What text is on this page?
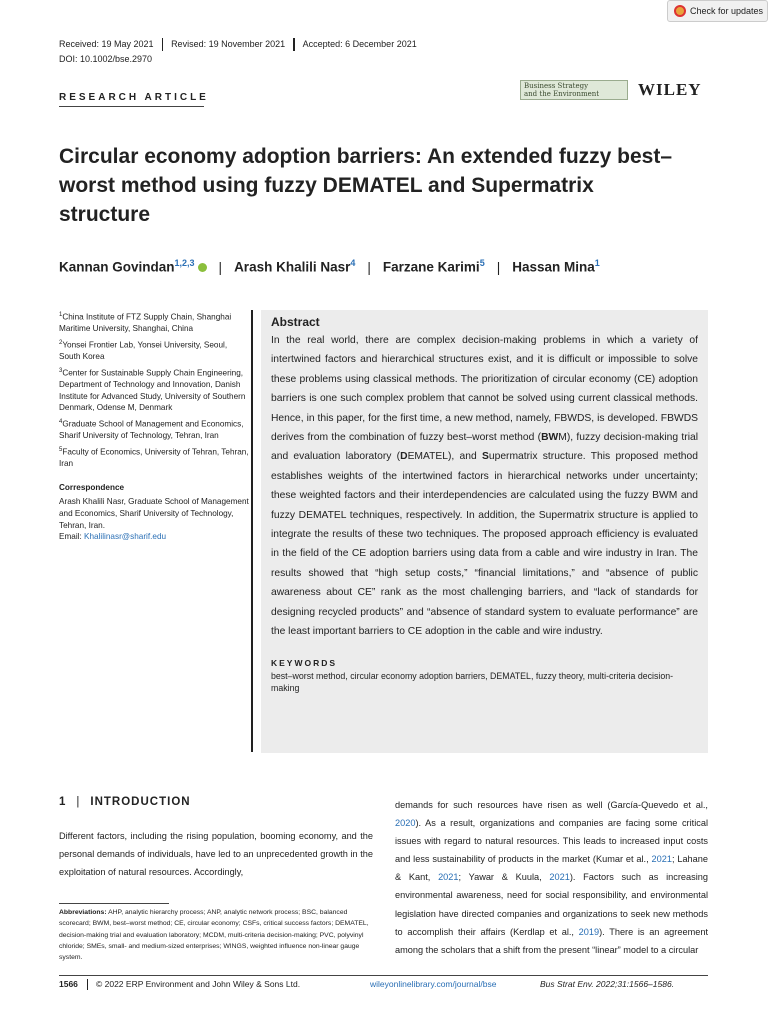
Check for updates
Received: 19 May 2021 Revised: 19 November 2021 Accepted: 6 December 2021
DOI: 10.1002/bse.2970
RESEARCH ARTICLE
Business Strategy
and the Environment	WILEY
Circular economy adoption barriers: An extended fuzzy best–worst method using fuzzy DEMATEL and Supermatrix structure
Kannan Govindan$^{1,2,3}$ | Arash Khalili Nasr$^4$ | Farzane Karimi$^5$ | Hassan Mina$^1$

$^1$China Institute of FTZ Supply Chain, Shanghai Maritime University, Shanghai, China

$^2$Yonsei Frontier Lab, Yonsei University, Seoul, South Korea

$^3$Center for Sustainable Supply Chain Engineering, Department of Technology and Innovation, Danish Institute for Advanced Study, University of Southern Denmark, Odense M, Denmark

$^4$Graduate School of Management and Economics, Sharif University of Technology, Tehran, Iran

$^5$Faculty of Economics, University of Tehran, Tehran, Iran

Correspondence

Arash Khalili Nasr, Graduate School of Management and Economics, Sharif University of Technology, Tehran, Iran.
Email: Khalilinasr@sharif.edu

Abstract
In the real world, there are complex decision-making problems in which a variety of intertwined factors and hierarchical structures exist, and it is difficult or impossible to solve these problems using classical methods. The prioritization of circular economy (CE) adoption barriers is one such complex problem that cannot be solved using current classical methods. Hence, in this paper, for the first time, a new method, namely, FBWDS, is developed. FBWDS derives from the combination of fuzzy best–worst method (BWM), fuzzy decision-making trial and evaluation laboratory (DEMATEL), and Supermatrix structure. This proposed method establishes weights of the intertwined factors in hierarchical networks under uncertainty; these weighted factors and their interdependencies are calculated using the fuzzy BWM and fuzzy DEMATEL techniques, respectively. In addition, the Supermatrix structure is applied to integrate the results of these two techniques. The proposed approach efficiency is evaluated in the field of the CE adoption barriers using data from a cable and wire industry in Iran. The results showed that “high setup costs,” “financial limitations,” and “absence of public awareness about CE” rank as the most challenging barriers, and “lack of standards for designing recycled products” and “absence of standard system to evaluate performance” are the least important barriers to CE adoption in the cable and wire industry.
KEYWORDS
best–worst method, circular economy adoption barriers, DEMATEL, fuzzy theory, multi-criteria decision-making
1 | INTRODUCTION
Different factors, including the rising population, booming economy, and the personal demands of individuals, have led to an unprecedented growth in the exploitation of natural resources. Accordingly,
Abbreviations: AHP, analytic hierarchy process; ANP, analytic network process; BSC, balanced scorecard; BWM, best–worst method; CE, circular economy; CSFs, critical success factors; DEMATEL, decision-making trial and evaluation laboratory; MCDM, multi-criteria decision-making; PVC, polyvinyl chloride; SMEs, small- and medium-sized enterprises; WINGS, weighted influence non-linear gauge system.
demands for such resources have risen as well (García-Quevedo et al., 2020). As a result, organizations and companies are facing some critical issues with regard to natural resources. This leads to increased input costs and less sustainability of products in the market (Kumar et al., 2021; Lahane & Kant, 2021; Yawar & Kuula, 2021). Factors such as increasing environmental awareness, need for social responsibility, and environmental legislation have directed companies and organizations to seek new methods to accomplish their affairs (Kerdlap et al., 2019). There is an agreement among the scholars that a shift from the present “linear” model to a circular
1566 © 2022 ERP Environment and John Wiley & Sons Ltd.	wileyonlinelibrary.com/journal/bse	Bus Strat Env. 2022;31:1566–1586.
